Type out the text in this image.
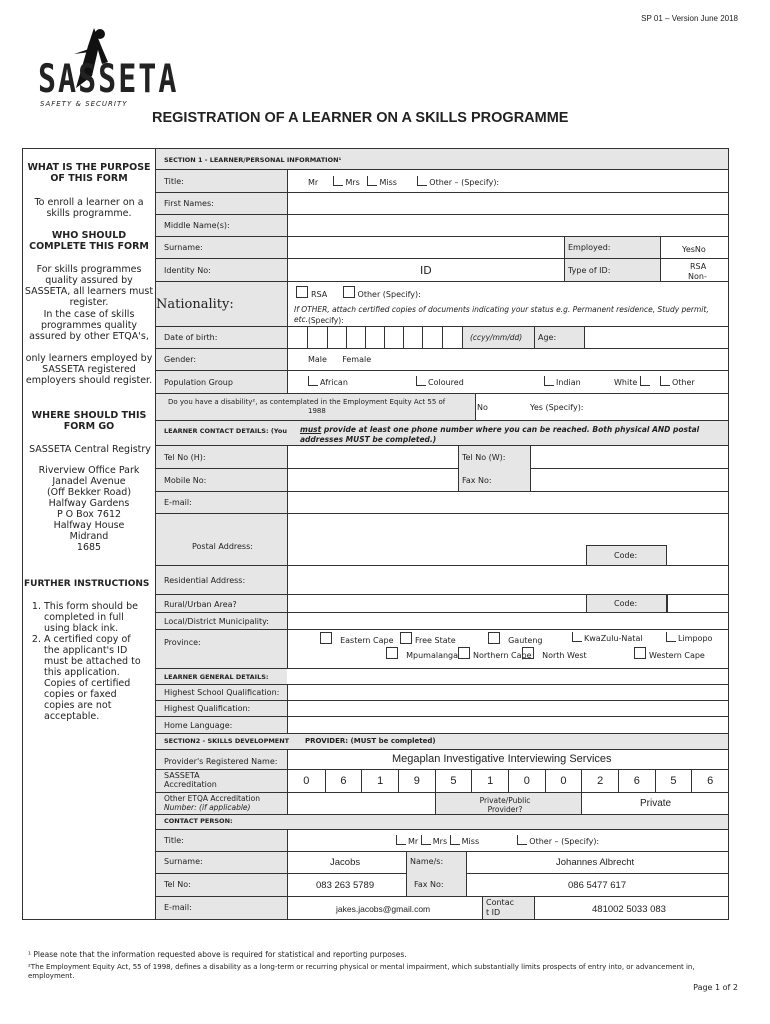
SP 01 – Version June 2018
SASSETA
SAFETY & SECURITY
REGISTRATION OF A LEARNER ON A SKILLS PROGRAMME
WHAT IS THE PURPOSE OF THIS FORM
To enroll a learner on a skills programme.
WHO SHOULD COMPLETE THIS FORM
For skills programmes quality assured by SASSETA, all learners must register.
In the case of skills programmes quality assured by other ETQA's,
only learners employed by SASSETA registered employers should register.
WHERE SHOULD THIS FORM GO
SASSETA Central Registry
Riverview Office Park
Janadel Avenue
(Off Bekker Road)
Halfway Gardens
P O Box 7612
Halfway House
Midrand
1685
FURTHER INSTRUCTIONS
1. This form should be completed in full using black ink.
2. A certified copy of the applicant's ID must be attached to this application. Copies of certified copies or faxed copies are not acceptable.
SECTION 1 - LEARNER/PERSONAL INFORMATION¹
Title:	Mr	Mrs Miss	Other – (Specify):
First Names:
Middle Name(s):
Surname:	Employed:	YesNo
Identity No:	ID	Type of ID:	RSA
Non-
Nationality:
RSA	Other (Specify):
If OTHER, attach certified copies of documents indicating your status e.g. Permanent residence, Study permit, etc. (Specify):
Date of birth:	(ccyy/mm/dd) Age:
Gender:	Male Female
Population Group	African	Coloured	Indian	White	Other
Do you have a disability², as contemplated in the Employment Equity Act 55 of
1988	No	Yes (Specify):
LEARNER CONTACT DETAILS: (You must provide at least one phone number where you can be reached. Both physical AND postal addresses MUST be completed.)
Tel No (H):	Tel No (W):
Mobile No:	Fax No:
E-mail:
Postal Address:
Code:
Residential Address:
Rural/Urban Area?	Code:
Local/District Municipality:
Province:	Eastern Cape	Free State	Gauteng	KwaZulu-Natal	Limpopo
Mpumalanga	Northern Cape	North West	Western Cape
LEARNER GENERAL DETAILS:
Highest School Qualification:
Highest Qualification:
Home Language:
SECTION2 - SKILLS DEVELOPMENT PROVIDER: (MUST be completed)
Provider's Registered Name:	Megaplan Investigative Interviewing Services
SASSETA
Accreditation	0	6	1	9	5	1	0	0	2	6	5	6
Other ETQA Accreditation
Number: (if applicable)
Private/Public
Provider?
Private
CONTACT PERSON:
Title:	Mr Mrs Miss	Other – (Specify):
Surname:	Jacobs	Name/s:	Johannes Albrecht
Tel No:	083 263 5789	Fax No:	086 5477 617
E-mail:	jakes.jacobs@gmail.com
Contac
t ID	481002 5033 083
¹ Please note that the information requested above is required for statistical and reporting purposes.
²The Employment Equity Act, 55 of 1998, defines a disability as a long-term or recurring physical or mental impairment, which substantially limits prospects of entry into, or advancement in, employment.
Page 1 of 2
